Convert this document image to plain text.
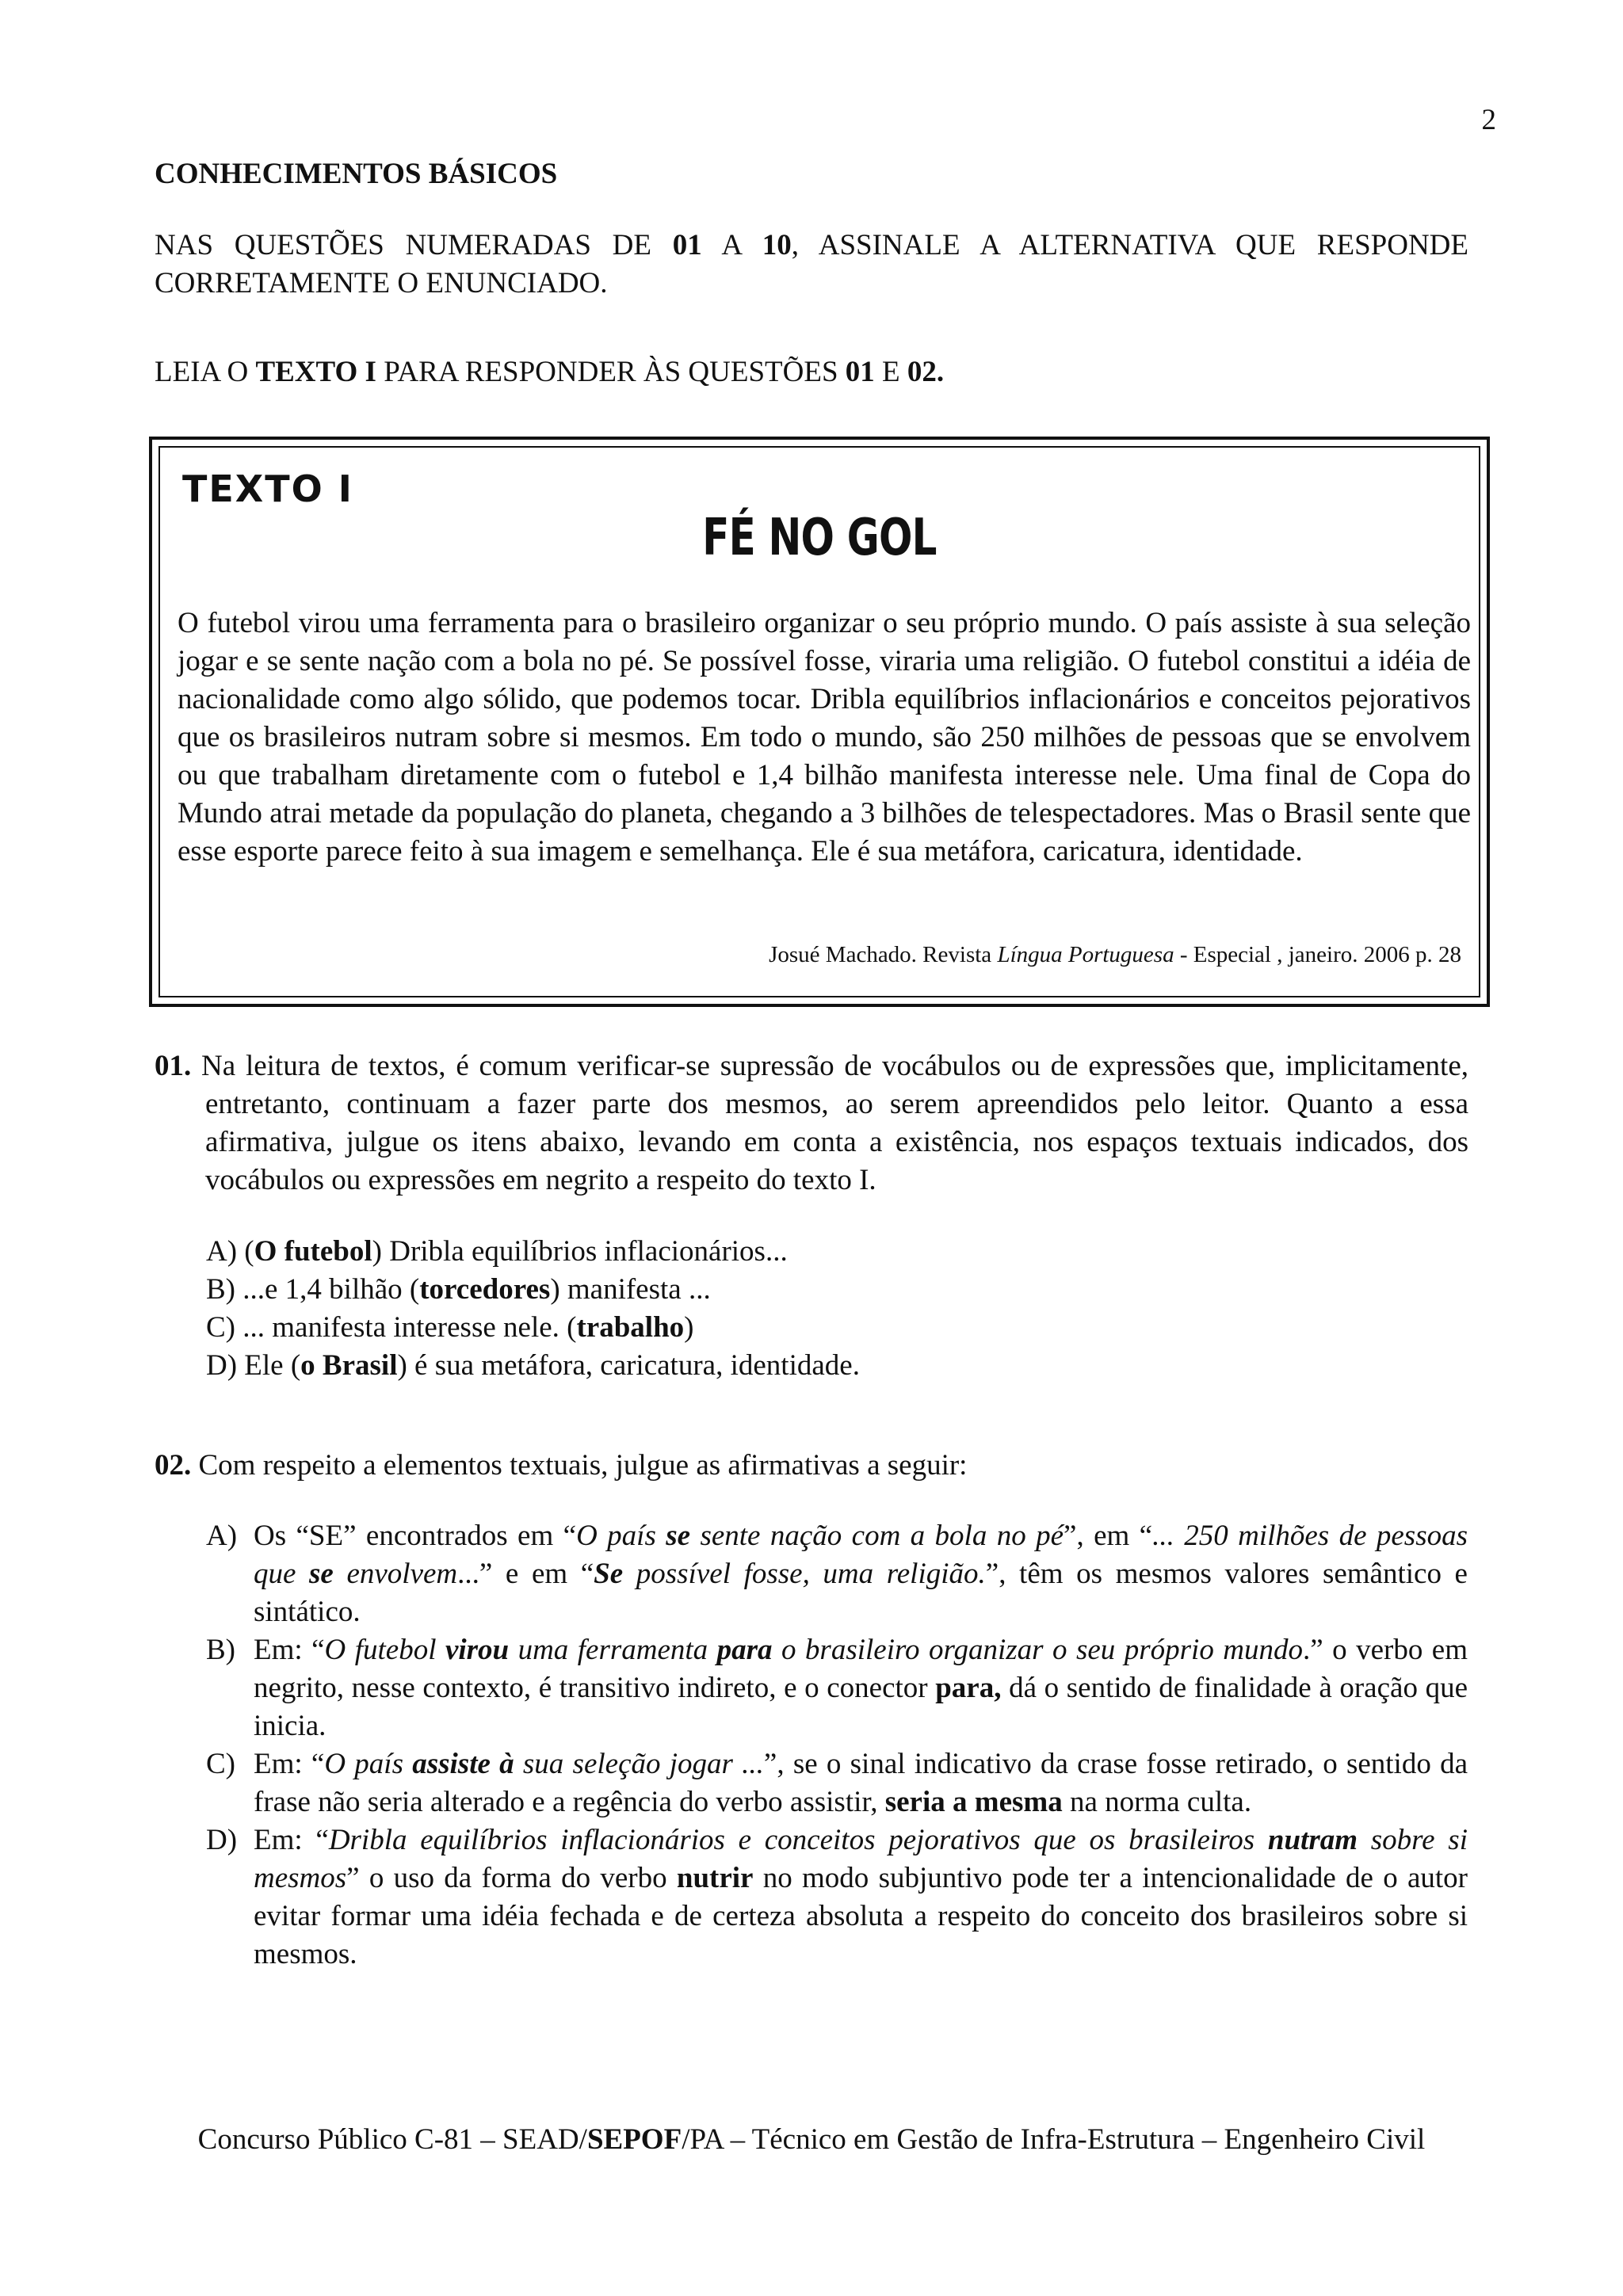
2
CONHECIMENTOS BÁSICOS
NAS QUESTÕES NUMERADAS DE 01 A 10, ASSINALE A ALTERNATIVA QUE RESPONDE CORRETAMENTE O ENUNCIADO.
LEIA O TEXTO I PARA RESPONDER ÀS QUESTÕES 01 E 02.
TEXTO I
FÉ NO GOL
O futebol virou uma ferramenta para o brasileiro organizar o seu próprio mundo. O país assiste à sua seleção jogar e se sente nação com a bola no pé. Se possível fosse, viraria uma religião. O futebol constitui a idéia de nacionalidade como algo sólido, que podemos tocar. Dribla equilíbrios inflacionários e conceitos pejorativos que os brasileiros nutram sobre si mesmos. Em todo o mundo, são 250 milhões de pessoas que se envolvem ou que trabalham diretamente com o futebol e 1,4 bilhão manifesta interesse nele. Uma final de Copa do Mundo atrai metade da população do planeta, chegando a 3 bilhões de telespectadores. Mas o Brasil sente que esse esporte parece feito à sua imagem e semelhança. Ele é sua metáfora, caricatura, identidade.
Josué Machado. Revista Língua Portuguesa - Especial , janeiro. 2006 p. 28
01. Na leitura de textos, é comum verificar-se supressão de vocábulos ou de expressões que, implicitamente, entretanto, continuam a fazer parte dos mesmos, ao serem apreendidos pelo leitor. Quanto a essa afirmativa, julgue os itens abaixo, levando em conta a existência, nos espaços textuais indicados, dos vocábulos ou expressões em negrito a respeito do texto I.
A) (O futebol) Dribla equilíbrios inflacionários...
B) ...e 1,4 bilhão (torcedores) manifesta ...
C) ... manifesta interesse nele. (trabalho)
D) Ele (o Brasil) é sua metáfora, caricatura, identidade.
02. Com respeito a elementos textuais, julgue as afirmativas a seguir:
A) Os “SE” encontrados em “O país se sente nação com a bola no pé”, em “... 250 milhões de pessoas que se envolvem...” e em “Se possível fosse, uma religião.”, têm os mesmos valores semântico e sintático.
B) Em: “O futebol virou uma ferramenta para o brasileiro organizar o seu próprio mundo.” o verbo em negrito, nesse contexto, é transitivo indireto, e o conector para, dá o sentido de finalidade à oração que inicia.
C) Em: “O país assiste à sua seleção jogar ...”, se o sinal indicativo da crase fosse retirado, o sentido da frase não seria alterado e a regência do verbo assistir, seria a mesma na norma culta.
D) Em: “Dribla equilíbrios inflacionários e conceitos pejorativos que os brasileiros nutram sobre si mesmos” o uso da forma do verbo nutrir no modo subjuntivo pode ter a intencionalidade de o autor evitar formar uma idéia fechada e de certeza absoluta a respeito do conceito dos brasileiros sobre si mesmos.
Concurso Público C-81 – SEAD/SEPOF/PA – Técnico em Gestão de Infra-Estrutura – Engenheiro Civil
